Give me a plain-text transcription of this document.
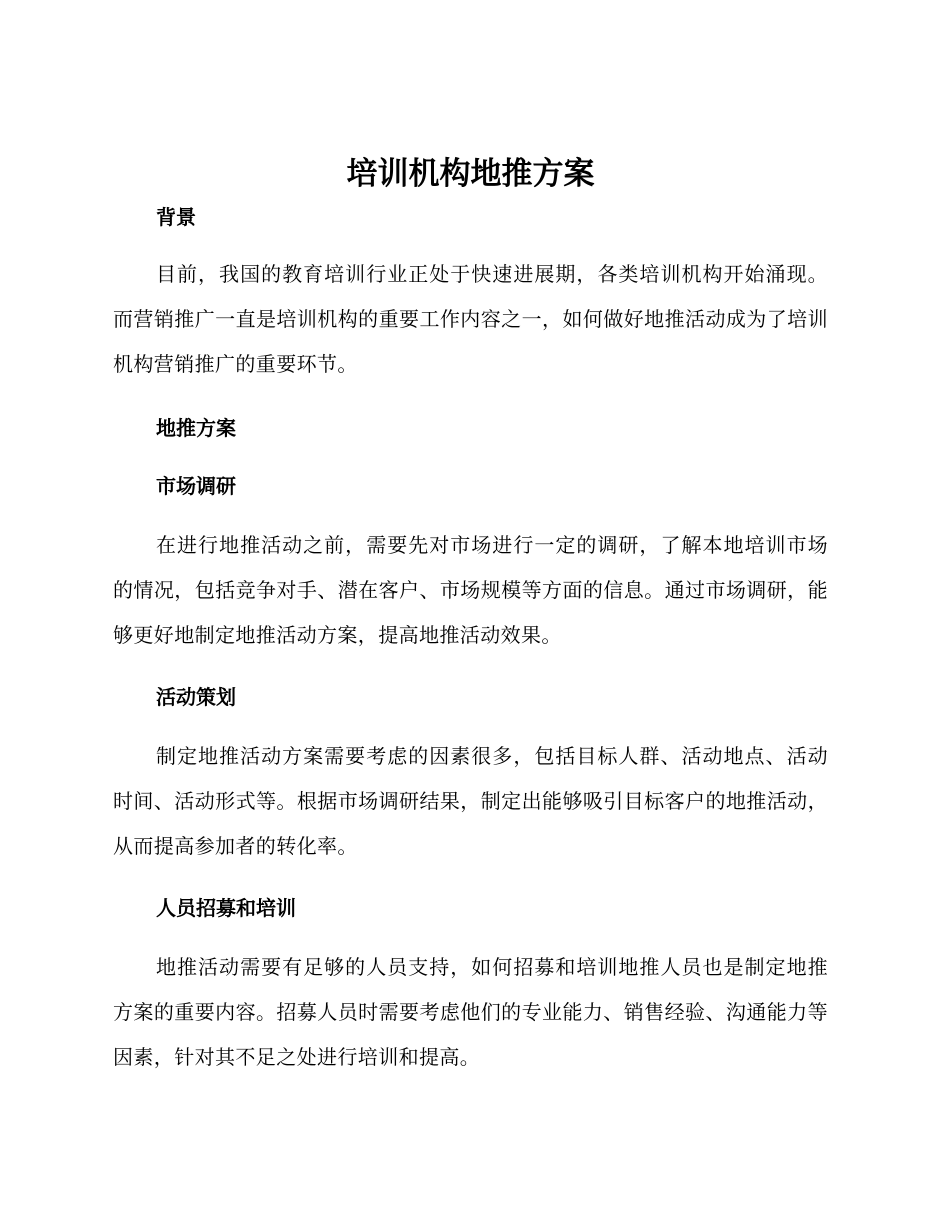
培训机构地推方案

背景

目前，我国的教育培训行业正处于快速进展期，各类培训机构开始涌现。而营销推广一直是培训机构的重要工作内容之一，如何做好地推活动成为了培训机构营销推广的重要环节。

地推方案

市场调研

在进行地推活动之前，需要先对市场进行一定的调研，了解本地培训市场的情况，包括竞争对手、潜在客户、市场规模等方面的信息。通过市场调研，能够更好地制定地推活动方案，提高地推活动效果。

活动策划

制定地推活动方案需要考虑的因素很多，包括目标人群、活动地点、活动时间、活动形式等。根据市场调研结果，制定出能够吸引目标客户的地推活动，从而提高参加者的转化率。

人员招募和培训

地推活动需要有足够的人员支持，如何招募和培训地推人员也是制定地推方案的重要内容。招募人员时需要考虑他们的专业能力、销售经验、沟通能力等因素，针对其不足之处进行培训和提高。
